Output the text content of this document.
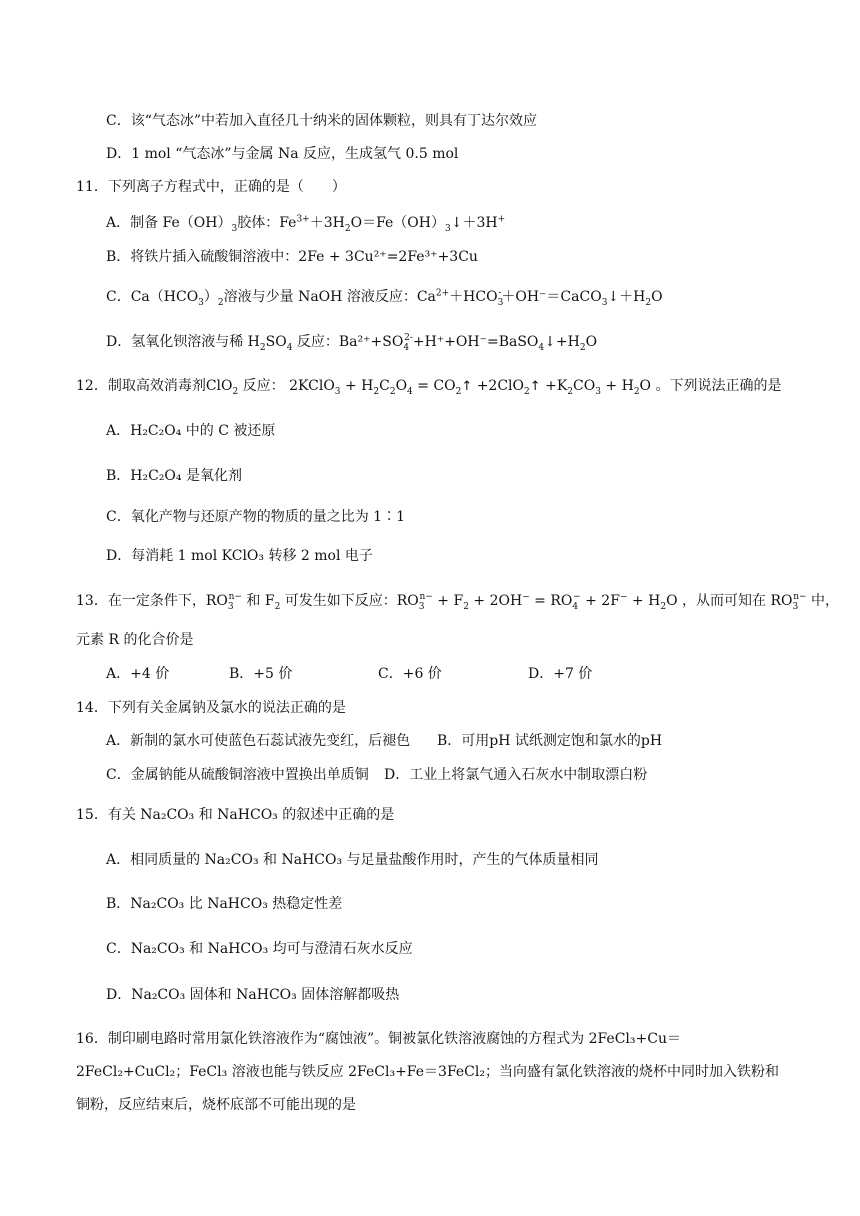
C．该“气态冰”中若加入直径几十纳米的固体颗粒，则具有丁达尔效应
D．1 mol “气态冰”与金属 Na 反应，生成氢气 0.5 mol
11．下列离子方程式中，正确的是（　　）
A．制备 $Fe(OH)_3$胶体：$Fe^{3+}+3H_2O=Fe(OH)_3↓+3H^+$
B．将铁片插入硫酸铜溶液中：2Fe + 3Cu²⁺=2Fe³⁺+3Cu
C．$Ca(HCO_3)_2$溶液与少量 NaOH 溶液反应：$Ca^{2+}+HCO_3^-+OH^-=CaCO_3↓+H_2O$
D．氢氧化钡溶液与稀 $H_2SO_4$ 反应：$Ba^{2+}+SO_4^{2-}+H^++OH^-=BaSO_4↓+H_2O$
12．制取高效消毒剂ClO$_2$ 反应： 2KClO$_3$ + $H_2C_2O_4$ = $CO_2↑$ +2ClO$_2$↑ $+K_2CO_3 + H_2O$ 。下列说法正确的是
A．H₂C₂O₄ 中的 C 被还原
B．H₂C₂O₄ 是氧化剂
C．氧化产物与还原产物的物质的量之比为 1∶1
D．每消耗 1 mol KClO₃ 转移 2 mol 电子
13．在一定条件下，$RO_3^{n-}$ 和 $F_2$ 可发生如下反应：$RO_3^{n-} + F_2 + 2OH^- = RO_4^- + 2F^- + H_2O$ ，从而可知在 $RO_3^{n-}$ 中，
元素 R 的化合价是
A．+4 价	B．+5 价	C．+6 价	D．+7 价
14．下列有关金属钠及氯水的说法正确的是
A．新制的氯水可使蓝色石蕊试液先变红，后褪色 B．可用pH 试纸测定饱和氯水的pH
C．金属钠能从硫酸铜溶液中置换出单质铜 D．工业上将氯气通入石灰水中制取漂白粉
15．有关 Na₂CO₃ 和 NaHCO₃ 的叙述中正确的是
A．相同质量的 Na₂CO₃ 和 NaHCO₃ 与足量盐酸作用时，产生的气体质量相同
B．Na₂CO₃ 比 NaHCO₃ 热稳定性差
C．Na₂CO₃ 和 NaHCO₃ 均可与澄清石灰水反应
D．Na₂CO₃ 固体和 NaHCO₃ 固体溶解都吸热
16．制印刷电路时常用氯化铁溶液作为“腐蚀液”。铜被氯化铁溶液腐蚀的方程式为 2FeCl₃+Cu＝
2FeCl₂+CuCl₂；FeCl₃ 溶液也能与铁反应 2FeCl₃+Fe＝3FeCl₂；当向盛有氯化铁溶液的烧杯中同时加入铁粉和
铜粉，反应结束后，烧杯底部不可能出现的是
